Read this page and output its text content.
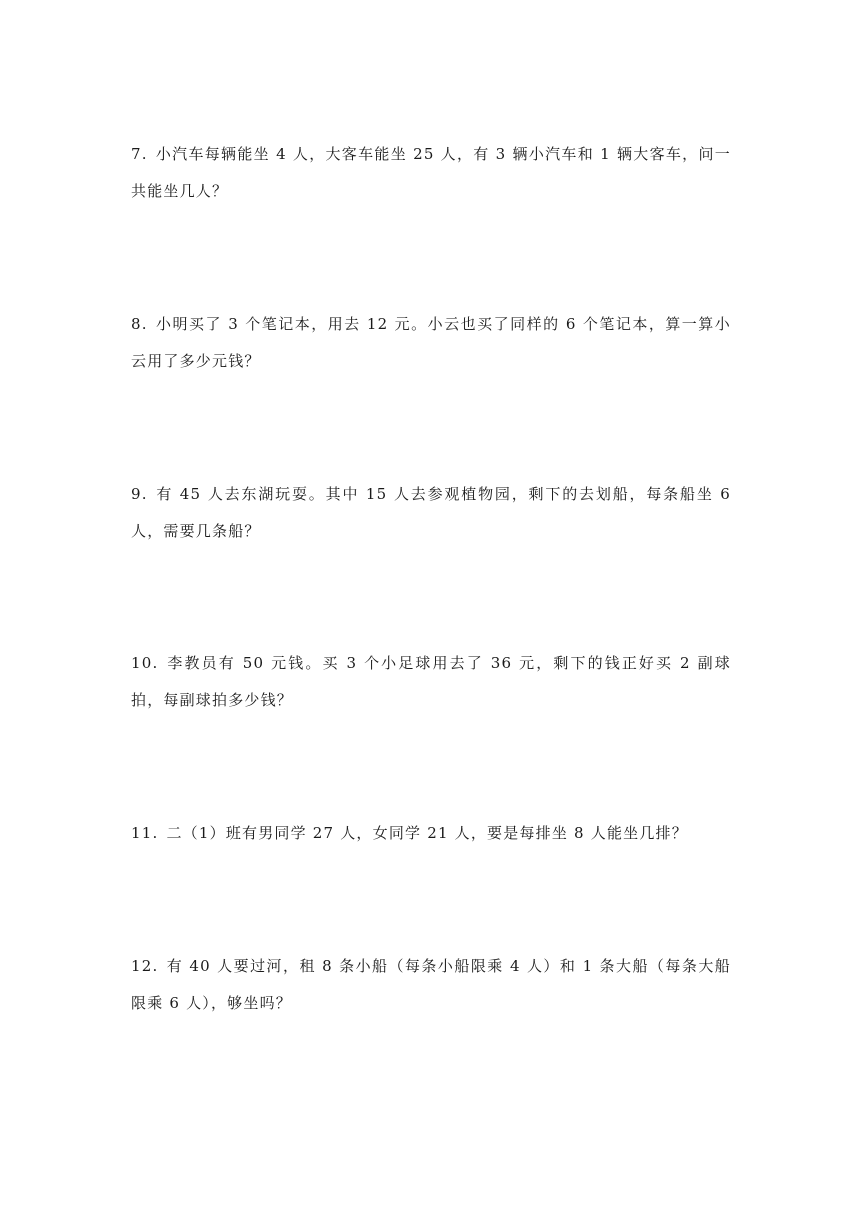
7. 小汽车每辆能坐 4 人，大客车能坐 25 人，有 3 辆小汽车和 1 辆大客车，问一共能坐几人？

8. 小明买了 3 个笔记本，用去 12 元。小云也买了同样的 6 个笔记本，算一算小云用了多少元钱？

9. 有 45 人去东湖玩耍。其中 15 人去参观植物园，剩下的去划船，每条船坐 6 人，需要几条船？

10. 李教员有 50 元钱。买 3 个小足球用去了 36 元，剩下的钱正好买 2 副球拍，每副球拍多少钱？

11. 二（1）班有男同学 27 人，女同学 21 人，要是每排坐 8 人能坐几排？

12. 有 40 人要过河，租 8 条小船（每条小船限乘 4 人）和 1 条大船（每条大船限乘 6 人），够坐吗？
